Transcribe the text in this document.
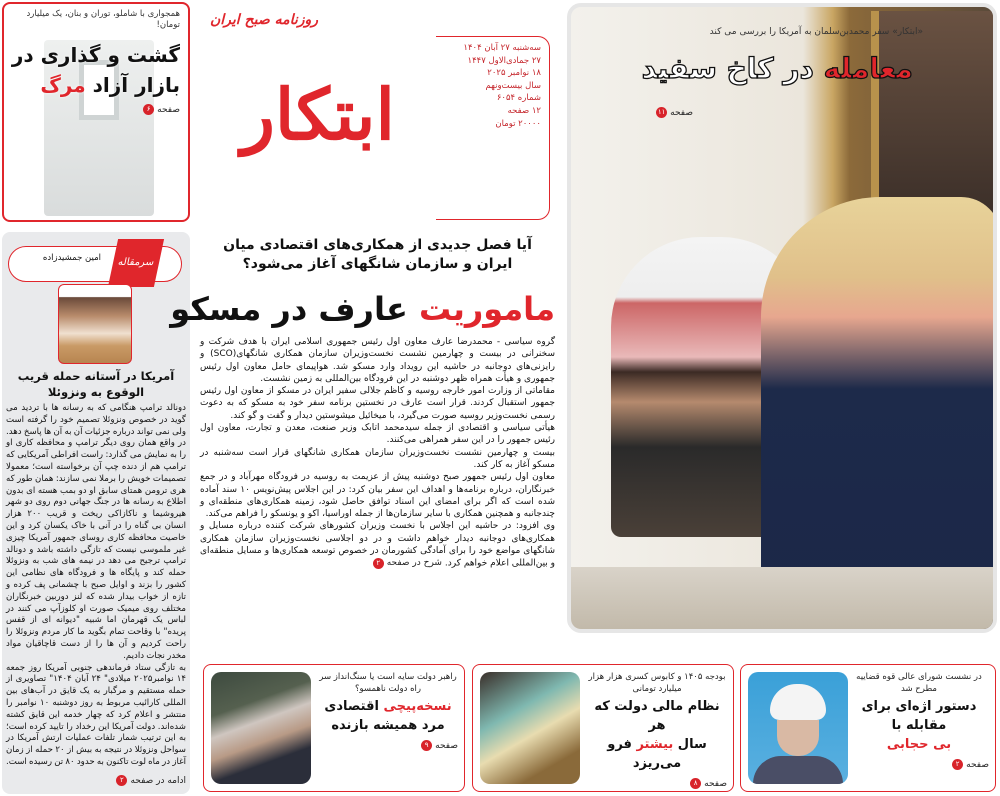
همجواری با شاملو، توران و بنان، یک میلیارد تومان!
گشت و گذاری در
بازار آزاد مرگ
صفحه
۶
سرمقاله
امین جمشیدزاده
آمریکا در آستانه حمله قریب الوقوع به ونزوئلا

دونالد ترامپ هنگامی که به رسانه ها با تردید می گوید در خصوص ونزوئلا تصمیم خود را گرفته است ولی نمی تواند درباره جزئیات آن به آن ها پاسخ دهد. در واقع همان روی دیگر ترامپ و محافظه کاری او را به نمایش می گذارد: راست افراطی آمریکایی که ترامپ هم از دنده چپ آن برخواسته است؛ معمولا تصمیمات خویش را برملا نمی سازند: همان طور که هری ترومن همتای سابق او دو بمب هسته ای بدون اطلاع به رسانه ها در جنگ جهانی دوم روی دو شهر هیروشیما و ناکازاکی ریخت و قریب ۲۰۰ هزار انسان بی گناه را در آنی با خاک یکسان کرد و این خاصیت محافظه کاری روسای جمهور آمریکا چیزی غیر ملموسی نیست که تازگی داشته باشد و دونالد ترامپ ترجیح می دهد در نیمه های شب به ونزوئلا حمله کند و پایگاه ها و فرودگاه های نظامی این کشور را بزند و اوایل صبح با چشمانی پف کرده و تازه از خواب بیدار شده که لنز دوربین خبرنگاران مختلف روی میمیک صورت او کلوزآپ می کنند در لباس یک قهرمان اما شبیه "دیوانه ای از قفس پریده" با وقاحت تمام بگوید ما کار مردم ونزوئلا را راحت کردیم و آن ها را از دست قاچاقیان مواد مخدر نجات دادیم.

به تازگی ستاد فرماندهی جنوبی آمریکا روز جمعه ۱۴ نوامبر۲۰۲۵ میلادی" ۲۴ آبان ۱۴۰۴" تصاویری از حمله مستقیم و مرگبار به یک قایق در آب‌های بین المللی کارائیب مربوط به روز دوشنبه ۱۰ نوامبر را منتشر و اعلام کرد که چهار خدمه این قایق کشته شده‌اند. دولت آمریکا این رخداد را تایید کرده است؛ به این ترتیب شمار تلفات عملیات ارتش آمریکا در سواحل ونزوئلا در نتیجه به بیش از ۲۰ حمله از زمان آغاز در ماه لوت تاکنون به حدود ۸۰ تن رسیده است.

ادامه در صفحه
۲
روزنامه صبح ایران
ابتکار
سه‌شنبه ۲۷ آبان ۱۴۰۴
۲۷ جمادی‌الاول ۱۴۴۷
۱۸ نوامبر ۲۰۲۵
سال بیست‌ونهم
شماره ۶۰۵۴
۱۲ صفحه
۲۰۰۰۰ تومان
آیا فصل جدیدی از همکاری‌های اقتصادی میان ایران و سازمان شانگهای آغاز می‌شود؟
ماموریت عارف در مسکو

گروه سیاسی - محمدرضا عارف معاون اول رئیس جمهوری اسلامی ایران با هدف شرکت و سخنرانی در بیست و چهارمین نشست نخست‌وزیران سازمان همکاری شانگهای(SCO) و رایزنی‌های دوجانبه در حاشیه این رویداد وارد مسکو شد. هواپیمای حامل معاون اول رئیس جمهوری و هیأت همراه ظهر دوشنبه در این فرودگاه بین‌المللی به زمین نشست.

مقاماتی از وزارت امور خارجه روسیه و کاظم جلالی سفیر ایران در مسکو از معاون اول رئیس جمهور استقبال کردند. قرار است عارف در نخستین برنامه سفر خود به مسکو که به دعوت رسمی نخست‌وزیر روسیه صورت می‌گیرد، با میخائیل میشوستین دیدار و گفت و گو کند.

هیأتی سیاسی و اقتصادی از جمله سیدمحمد اتابک وزیر صنعت، معدن و تجارت، معاون اول رئیس جمهور را در این سفر همراهی می‌کنند.

بیست و چهارمین نشست نخست‌وزیران سازمان همکاری شانگهای قرار است سه‌شنبه در مسکو آغاز به کار کند.

معاون اول رئیس جمهور صبح دوشنبه پیش از عزیمت به روسیه در فرودگاه مهرآباد و در جمع خبرنگاران، درباره برنامه‌ها و اهداف این سفر بیان کرد: در این اجلاس پیش‌نویس ۱۰ سند آماده شده است که اگر برای امضای این اسناد توافق حاصل شود، زمینه همکاری‌های منطقه‌ای و چندجانبه و همچنین همکاری با سایر سازمان‌ها از جمله اوراسیا، اکو و یونسکو را فراهم می‌کند.

وی افزود: در حاشیه این اجلاس با نخست وزیران کشورهای شرکت کننده درباره مسایل و همکاری‌های دوجانبه دیدار خواهم داشت و در دو اجلاسی نخست‌وزیران سازمان همکاری شانگهای مواضع خود را برای آمادگی کشورمان در خصوص توسعه همکاری‌ها و مسایل منطقه‌ای و بین‌المللی اعلام خواهم کرد.
شرح در صفحه
۲

«ابتکار» سفر محمدبن‌سلمان به آمریکا را بررسی می کند
معامله در کاخ سفید
صفحه
۱۱
راهبر دولت سایه است یا سنگ‌انداز سر راه دولت ناهمسو؟
نسخه‌پیچی اقتصادی
مرد همیشه بازنده
صفحه
۹
بودجه ۱۴۰۵ و کابوس کسری هزار هزار میلیارد تومانی
نظام مالی دولت که هر
سال بیشتر فرو می‌ریزد
صفحه
۸
در نشست شورای عالی قوه قضاییه مطرح شد
دستور اژه‌ای برای مقابله با
بی حجابی
صفحه
۲
